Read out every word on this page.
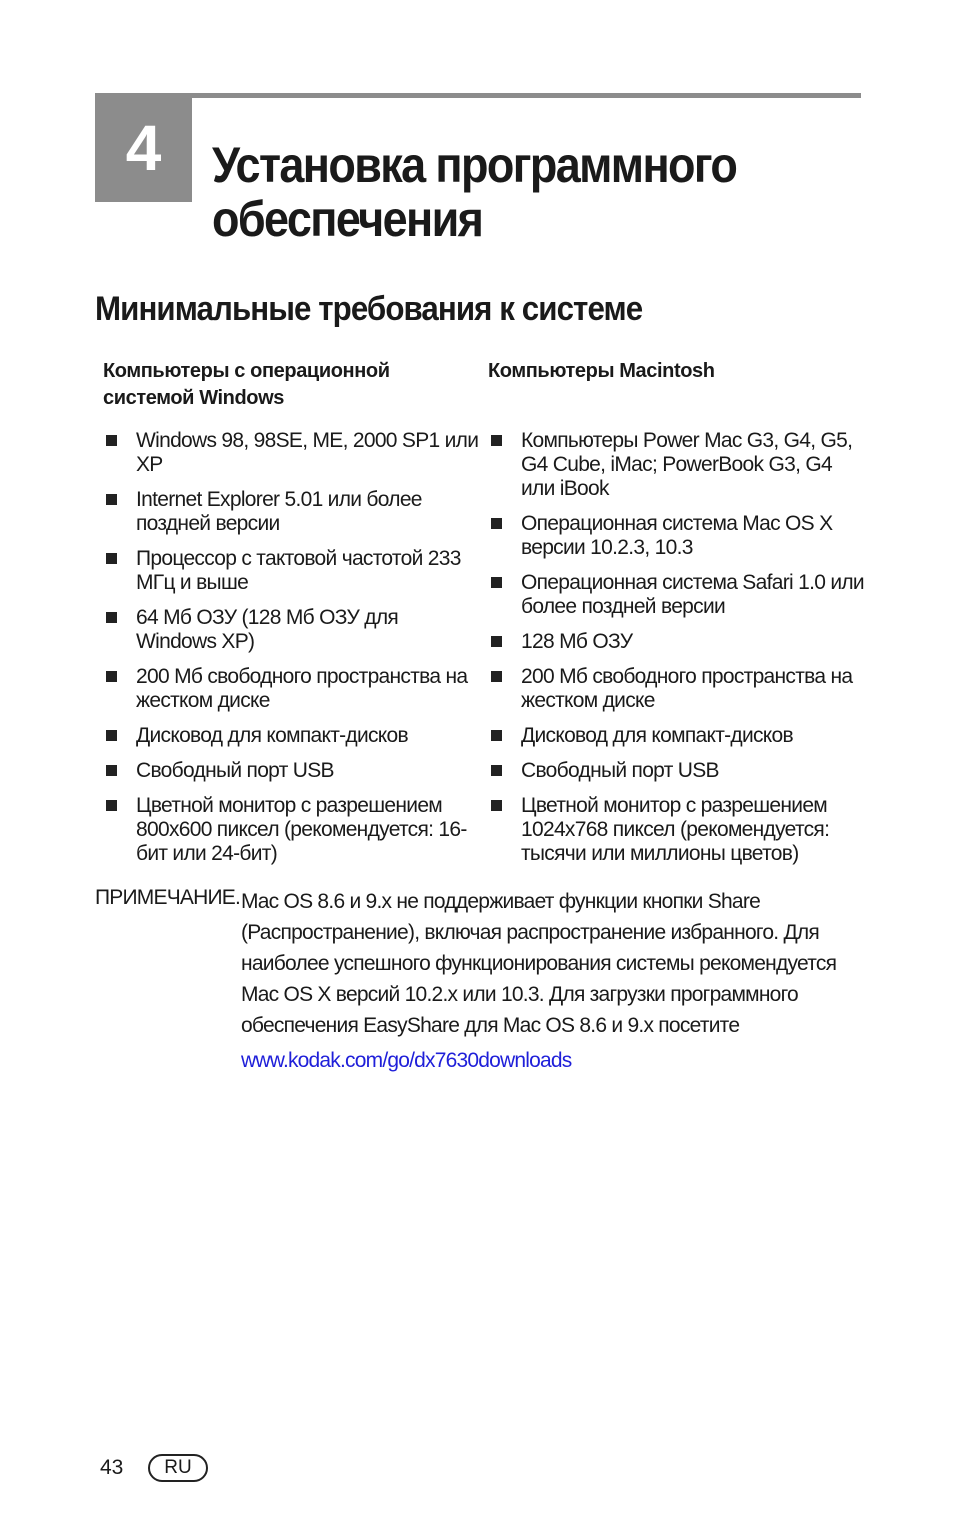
4	Установка программного обеспечения
Минимальные требования к системе
Компьютеры с операционной системой Windows
Windows 98, 98SE, ME, 2000 SP1 или XP
Internet Explorer 5.01 или более поздней версии
Процессор с тактовой частотой 233 МГц и выше
64 Мб ОЗУ (128 Мб ОЗУ для Windows XP)
200 Мб свободного пространства на жестком диске
Дисковод для компакт-дисков
Свободный порт USB
Цветной монитор с разрешением 800x600 пиксел (рекомендуется: 16-бит или 24-бит)
Компьютеры Macintosh
Компьютеры Power Mac G3, G4, G5, G4 Cube, iMac; PowerBook G3, G4 или iBook
Операционная система Mac OS X версии 10.2.3, 10.3
Операционная система Safari 1.0 или более поздней версии
128 Мб ОЗУ
200 Мб свободного пространства на жестком диске
Дисковод для компакт-дисков
Свободный порт USB
Цветной монитор с разрешением 1024x768 пиксел (рекомендуется: тысячи или миллионы цветов)
ПРИМЕЧАНИЕ. Mac OS 8.6 и 9.x не поддерживает функции кнопки Share (Распространение), включая распространение избранного. Для наиболее успешного функционирования системы рекомендуется Mac OS X версий 10.2.x или 10.3. Для загрузки программного обеспечения EasyShare для Mac OS 8.6 и 9.x посетите
www.kodak.com/go/dx7630downloads
43	RU
